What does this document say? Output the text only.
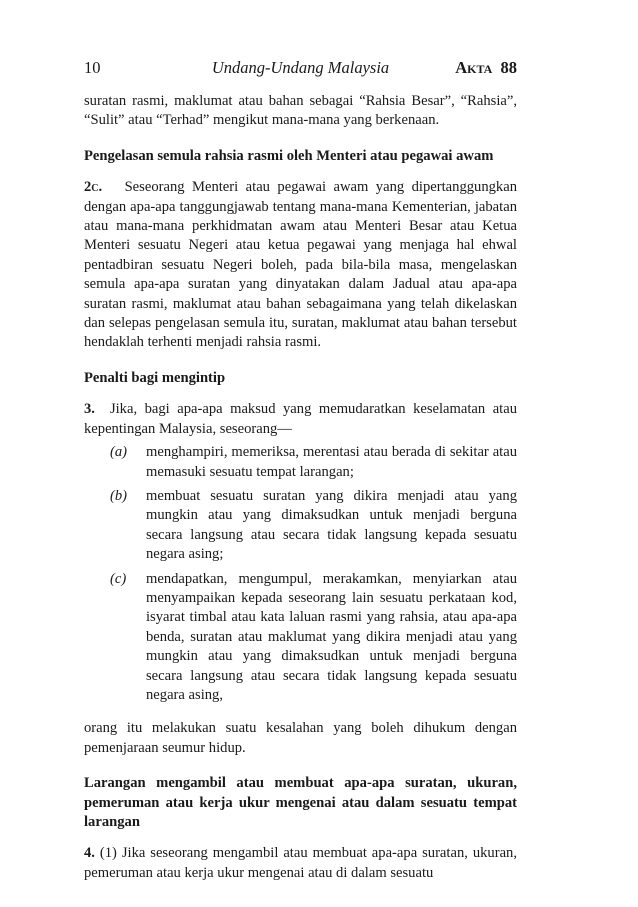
10	Undang-Undang Malaysia	Akta 88

suratan rasmi, maklumat atau bahan sebagai “Rahsia Besar”, “Rahsia”, “Sulit” atau “Terhad” mengikut mana-mana yang berkenaan.

Pengelasan semula rahsia rasmi oleh Menteri atau pegawai awam

2c. Seseorang Menteri atau pegawai awam yang dipertanggungkan dengan apa-apa tanggungjawab tentang mana-mana Kementerian, jabatan atau mana-mana perkhidmatan awam atau Menteri Besar atau Ketua Menteri sesuatu Negeri atau ketua pegawai yang menjaga hal ehwal pentadbiran sesuatu Negeri boleh, pada bila-bila masa, mengelaskan semula apa-apa suratan yang dinyatakan dalam Jadual atau apa-apa suratan rasmi, maklumat atau bahan sebagaimana yang telah dikelaskan dan selepas pengelasan semula itu, suratan, maklumat atau bahan tersebut hendaklah terhenti menjadi rahsia rasmi.

Penalti bagi mengintip

3. Jika, bagi apa-apa maksud yang memudaratkan keselamatan atau kepentingan Malaysia, seseorang—

(a) menghampiri, memeriksa, merentasi atau berada di sekitar atau memasuki sesuatu tempat larangan;
(b) membuat sesuatu suratan yang dikira menjadi atau yang mungkin atau yang dimaksudkan untuk menjadi berguna secara langsung atau secara tidak langsung kepada sesuatu negara asing;
(c) mendapatkan, mengumpul, merakamkan, menyiarkan atau menyampaikan kepada seseorang lain sesuatu perkataan kod, isyarat timbal atau kata laluan rasmi yang rahsia, atau apa-apa benda, suratan atau maklumat yang dikira menjadi atau yang mungkin atau yang dimaksudkan untuk menjadi berguna secara langsung atau secara tidak langsung kepada sesuatu negara asing,

orang itu melakukan suatu kesalahan yang boleh dihukum dengan pemenjaraan seumur hidup.

Larangan mengambil atau membuat apa-apa suratan, ukuran, pemeruman atau kerja ukur mengenai atau dalam sesuatu tempat larangan

4. (1) Jika seseorang mengambil atau membuat apa-apa suratan, ukuran, pemeruman atau kerja ukur mengenai atau di dalam sesuatu
